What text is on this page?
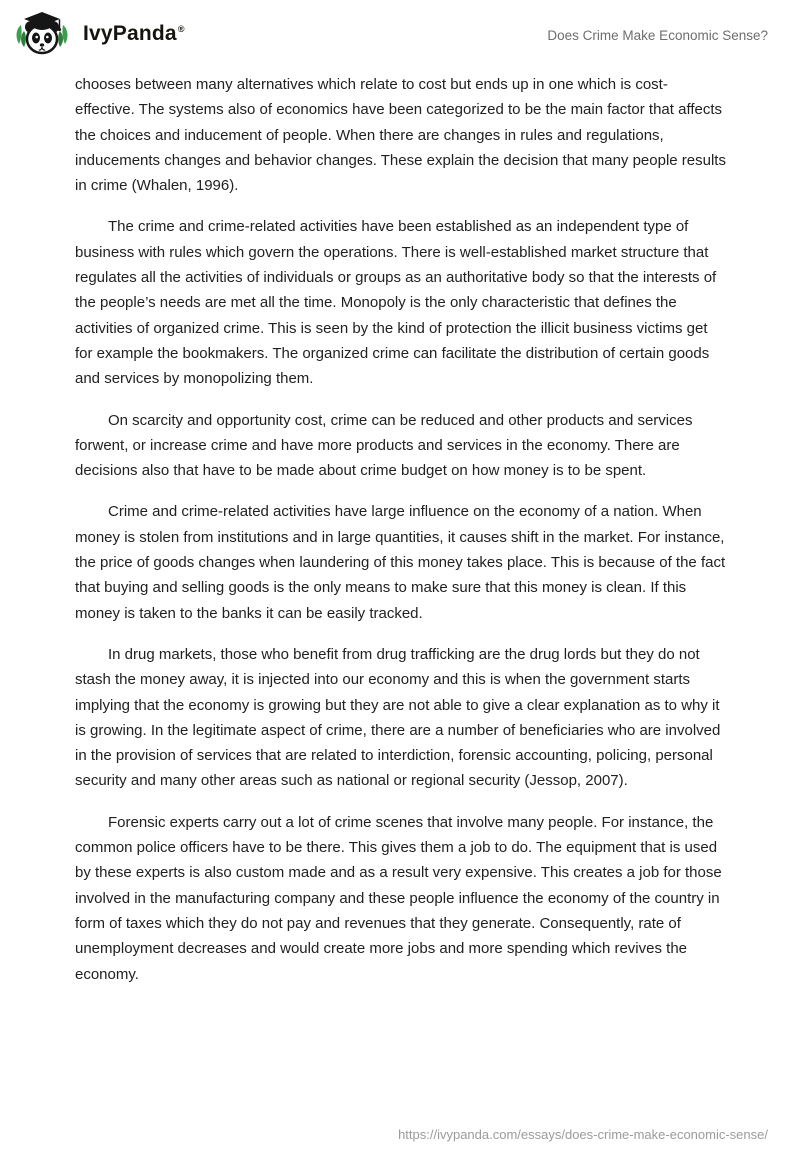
IvyPanda®	Does Crime Make Economic Sense?

chooses between many alternatives which relate to cost but ends up in one which is cost-effective. The systems also of economics have been categorized to be the main factor that affects the choices and inducement of people. When there are changes in rules and regulations, inducements changes and behavior changes. These explain the decision that many people results in crime (Whalen, 1996).

The crime and crime-related activities have been established as an independent type of business with rules which govern the operations. There is well-established market structure that regulates all the activities of individuals or groups as an authoritative body so that the interests of the people’s needs are met all the time. Monopoly is the only characteristic that defines the activities of organized crime. This is seen by the kind of protection the illicit business victims get for example the bookmakers. The organized crime can facilitate the distribution of certain goods and services by monopolizing them.

On scarcity and opportunity cost, crime can be reduced and other products and services forwent, or increase crime and have more products and services in the economy. There are decisions also that have to be made about crime budget on how money is to be spent.

Crime and crime-related activities have large influence on the economy of a nation. When money is stolen from institutions and in large quantities, it causes shift in the market. For instance, the price of goods changes when laundering of this money takes place. This is because of the fact that buying and selling goods is the only means to make sure that this money is clean. If this money is taken to the banks it can be easily tracked.

In drug markets, those who benefit from drug trafficking are the drug lords but they do not stash the money away, it is injected into our economy and this is when the government starts implying that the economy is growing but they are not able to give a clear explanation as to why it is growing. In the legitimate aspect of crime, there are a number of beneficiaries who are involved in the provision of services that are related to interdiction, forensic accounting, policing, personal security and many other areas such as national or regional security (Jessop, 2007).

Forensic experts carry out a lot of crime scenes that involve many people. For instance, the common police officers have to be there. This gives them a job to do. The equipment that is used by these experts is also custom made and as a result very expensive. This creates a job for those involved in the manufacturing company and these people influence the economy of the country in form of taxes which they do not pay and revenues that they generate. Consequently, rate of unemployment decreases and would create more jobs and more spending which revives the economy.

https://ivypanda.com/essays/does-crime-make-economic-sense/
